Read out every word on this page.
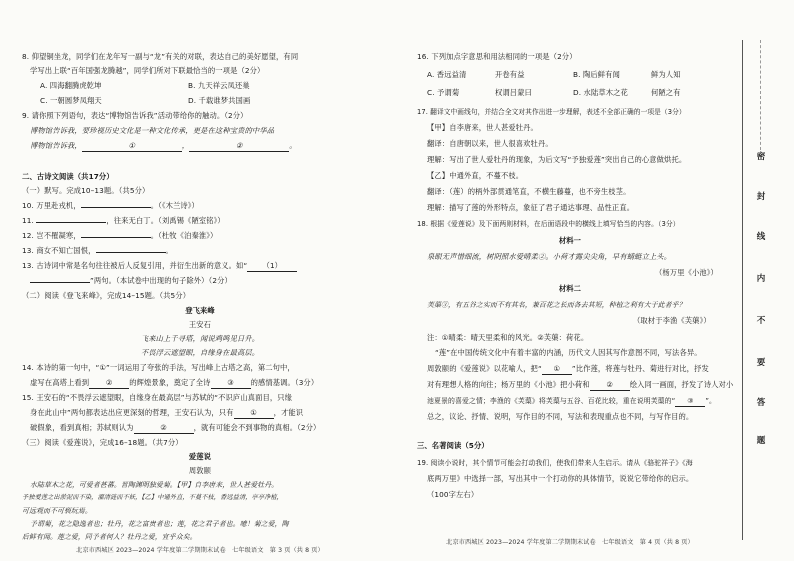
8. 仰望铜坐龙，同学们在龙年写一副与“龙”有关的对联，表达自己的美好愿望，有同
学写出上联“百年国强龙腾越”，同学们所对下联最恰当的一项是（2分）
A. 四海翻腾虎乾坤	B. 九天祥云凤还巢
C. 一朝圆梦凤翔天	D. 千载谁梦共国画
9. 请你照下列语句，表达“博物馆告诉我”活动带给你的触动。（2分）
博物馆告诉我，要珍视历史文化是一种文化传承，更是在这种宝贵的中华品
博物馆告诉我，	①	，	②	。
二、古诗文阅读（共17分）
（一）默写。完成10–13题。（共5分）
10. 万里赴戎机，	。（《木兰诗》）
11.	，往来无白丁。（刘禹锡《陋室铭》）
12. 岂不罹凝寒，	。（杜牧《泊秦淮》）
13. 商女不知亡国恨，	。
13. 古诗词中常是名句往往被后人反复引用，并衍生出新的意义。如“ （1）
”两句。（本试卷中出现的句子除外）（2分）
（二）阅读《登飞来峰》，完成14–15题。（共5分）
登飞来峰
王安石
飞来山上千寻塔，闻说鸡鸣见日升。
不畏浮云遮望眼，自缘身在最高层。
14. 本诗的第一句中，“①”一词运用了夸张的手法，写出峰上古塔之高，第二句中，
虚写在高塔上看到 ② 的辉煌景象，奠定了全诗 ③ 的感情基调。（3分）
15. 王安石的“不畏浮云遮望眼，自缘身在最高层”与苏轼的“不识庐山真面目，只缘
身在此山中”两句都表达出应更深刻的哲理，王安石认为，只有 ① ，才能识
破假象，看到真相；苏轼则认为	②	，就有可能会不到事物的真相。（2分）
（三）阅读《爱莲说》，完成16–18题。（共7分）
爱莲说
周敦颐
水陆草木之花，可爱者甚蕃。晋陶渊明独爱菊。【甲】自李唐来，世人甚爱牡丹。
予独爱莲之出淤泥而不染，濯清涟而不妖，【乙】中通外直，不蔓不枝，香远益清，亭亭净植，
可远观而不可亵玩焉。
予谓菊，花之隐逸者也；牡丹，花之富贵者也；莲，花之君子者也。噫！菊之爱，陶
后鲜有闻。莲之爱，同予者何人？牡丹之爱，宜乎众矣。
北京市西城区 2023—2024 学年度第二学期期末试卷　七年级语文　第 3 页（共 8 页）
16. 下列加点字意思和用法相同的一项是（2分）
A. 香远益清	开卷有益	B. 陶后鲜有闻	鲜为人知
C. 予谓菊	权谓吕蒙曰	D. 水陆草木之花	何陋之有
17. 翻译文中画线句，并结合全文对其作出进一步理解，表述不全部正确的一项是（3分）
【甲】自李唐来，世人甚爱牡丹。
翻译：自唐朝以来，世人很喜欢牡丹。
理解：写出了世人爱牡丹的现象，为后文写“予独爱莲”突出自己的心意做烘托。
【乙】中通外直，不蔓不枝。
翻译：（莲）的柄外部贯通笔直，不横生藤蔓，也不旁生枝茎。
理解：描写了莲的外形特点，象征了君子通达事理、品性正直。
18. 根据《爱莲说》及下面两则材料，在后面语段中的横线上填写恰当的内容。（3分）
材料一
泉眼无声惜细流，树阴照水爱晴柔②。小荷才露尖尖角，早有蜻蜓立上头。
（杨万里《小池》）
材料二
芙蕖③，有五谷之实而不有其名，兼百花之长而各去其短，种植之利有大于此者乎？
（取材于李渔《芙蕖》）
注：①晴柔：晴天里柔和的风光。②芙蕖：荷花。
“莲”在中国传统文化中有着丰富的内涵，历代文人因其写作意图不同，写法各异。
周敦颐的《爱莲说》以花喻人，把“ ① ”比作莲，将莲与牡丹、菊进行对比，抒发
对有理想人格的向往；杨万里的《小池》把小荷和 ② 绘入同一画面，抒发了诗人对小
池夏景的喜爱之情；李渔的《芙蕖》将芙蕖与五谷、百花比较，重在说明芙蕖的“ ③ ”。
总之，议论、抒情、说明，写作目的不同，写法和表现重点也不同，与写作目的。
三、名著阅读（5分）
19. 阅读小说时，其个情节可能会打动我们，使我们带来人生启示。请从《骆驼祥子》《海
底两万里》中选择一部，写出其中一个打动你的具体情节，说说它带给你的启示。
（100字左右）
北京市西城区 2023—2024 学年度第二学期期末试卷　七年级语文　第 4 页（共 8 页）
密
封
线
内
不
要
答
题
